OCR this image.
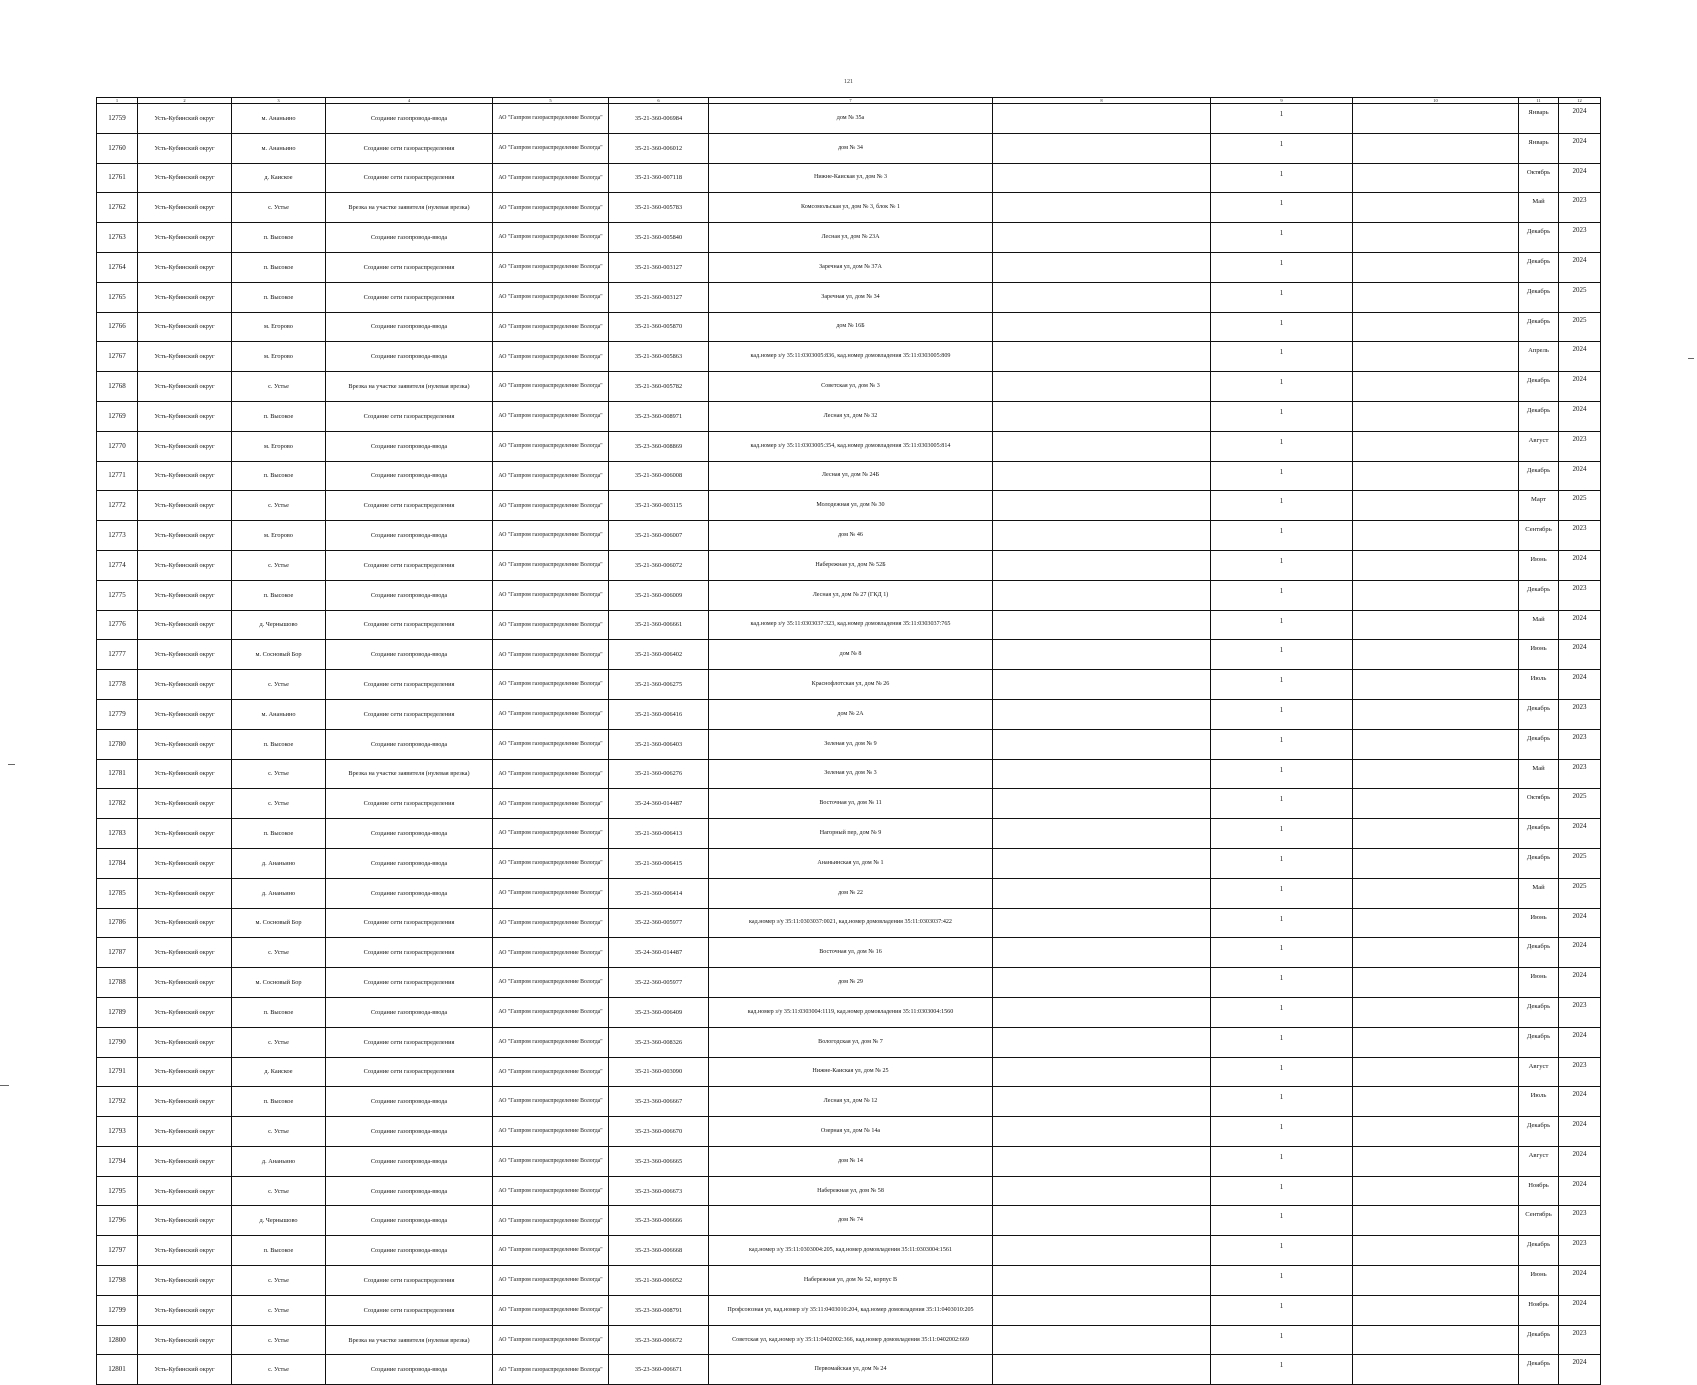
121
1	2	3	4	5	6	7	8	9	10	11	12
12759	Усть-Кубинский округ	м. Ананьино	Создание газопровода-ввода	АО "Газпром газораспределение Вологда"	35-21-360-006984	дом № 35а		1		Январь	2024
12760	Усть-Кубинский округ	м. Ананьино	Создание сети газораспределения	АО "Газпром газораспределение Вологда"	35-21-360-006012	дом № 34		1		Январь	2024
12761	Усть-Кубинский округ	д. Каиское	Создание сети газораспределения	АО "Газпром газораспределение Вологда"	35-21-360-007118	Нижне-Каиская ул, дом № 3		1		Октябрь	2024
12762	Усть-Кубинский округ	с. Устье	Врезка на участке заявителя (нулевая врезка)	АО "Газпром газораспределение Вологда"	35-21-360-005783	Комсомольская ул, дом № 3, блок № 1		1		Май	2023
12763	Усть-Кубинский округ	п. Высокое	Создание газопровода-ввода	АО "Газпром газораспределение Вологда"	35-21-360-005840	Лесная ул, дом № 23А		1		Декабрь	2023
12764	Усть-Кубинский округ	п. Высокое	Создание сети газораспределения	АО "Газпром газораспределение Вологда"	35-21-360-003127	Заречная ул, дом № 37А		1		Декабрь	2024
12765	Усть-Кубинский округ	п. Высокое	Создание сети газораспределения	АО "Газпром газораспределение Вологда"	35-21-360-003127	Заречная ул, дом № 34		1		Декабрь	2025
12766	Усть-Кубинский округ	м. Егорово	Создание газопровода-ввода	АО "Газпром газораспределение Вологда"	35-21-360-005870	дом № 16Б		1		Декабрь	2025
12767	Усть-Кубинский округ	м. Егорово	Создание газопровода-ввода	АО "Газпром газораспределение Вологда"	35-21-360-005863	кад.номер з/у 35:11:0303005:836, кад.номер домовладения 35:11:0303005:809		1		Апрель	2024
12768	Усть-Кубинский округ	с. Устье	Врезка на участке заявителя (нулевая врезка)	АО "Газпром газораспределение Вологда"	35-21-360-005782	Советская ул, дом № 3		1		Декабрь	2024
12769	Усть-Кубинский округ	п. Высокое	Создание сети газораспределения	АО "Газпром газораспределение Вологда"	35-23-360-008971	Лесная ул, дом № 32		1		Декабрь	2024
12770	Усть-Кубинский округ	м. Егорово	Создание газопровода-ввода	АО "Газпром газораспределение Вологда"	35-23-360-008869	кад.номер з/у 35:11:0303005:354, кад.номер домовладения 35:11:0303005:814		1		Август	2023
12771	Усть-Кубинский округ	п. Высокое	Создание газопровода-ввода	АО "Газпром газораспределение Вологда"	35-21-360-006008	Лесная ул, дом № 24Б		1		Декабрь	2024
12772	Усть-Кубинский округ	с. Устье	Создание сети газораспределения	АО "Газпром газораспределение Вологда"	35-21-360-003115	Молодежная ул, дом № 30		1		Март	2025
12773	Усть-Кубинский округ	м. Егорово	Создание газопровода-ввода	АО "Газпром газораспределение Вологда"	35-21-360-006007	дом № 46		1		Сентябрь	2023
12774	Усть-Кубинский округ	с. Устье	Создание сети газораспределения	АО "Газпром газораспределение Вологда"	35-21-360-006072	Набережная ул, дом № 52Б		1		Июнь	2024
12775	Усть-Кубинский округ	п. Высокое	Создание газопровода-ввода	АО "Газпром газораспределение Вологда"	35-21-360-006009	Лесная ул, дом № 27 (ГКД 1)		1		Декабрь	2023
12776	Усть-Кубинский округ	д. Чернышово	Создание сети газораспределения	АО "Газпром газораспределение Вологда"	35-21-360-006661	кад.номер з/у 35:11:0303037:323, кад.номер домовладения 35:11:0303037:765		1		Май	2024
12777	Усть-Кубинский округ	м. Сосновый Бор	Создание газопровода-ввода	АО "Газпром газораспределение Вологда"	35-21-360-006402	дом № 8		1		Июнь	2024
12778	Усть-Кубинский округ	с. Устье	Создание сети газораспределения	АО "Газпром газораспределение Вологда"	35-21-360-006275	Краснофлотская ул, дом № 26		1		Июль	2024
12779	Усть-Кубинский округ	м. Ананьино	Создание сети газораспределения	АО "Газпром газораспределение Вологда"	35-21-360-006416	дом № 2А		1		Декабрь	2023
12780	Усть-Кубинский округ	п. Высокое	Создание газопровода-ввода	АО "Газпром газораспределение Вологда"	35-21-360-006403	Зеленая ул, дом № 9		1		Декабрь	2023
12781	Усть-Кубинский округ	с. Устье	Врезка на участке заявителя (нулевая врезка)	АО "Газпром газораспределение Вологда"	35-21-360-006276	Зеленая ул, дом № 3		1		Май	2023
12782	Усть-Кубинский округ	с. Устье	Создание сети газораспределения	АО "Газпром газораспределение Вологда"	35-24-360-014487	Восточная ул, дом № 11		1		Октябрь	2025
12783	Усть-Кубинский округ	п. Высокое	Создание газопровода-ввода	АО "Газпром газораспределение Вологда"	35-21-360-006413	Нагорный пер, дом № 9		1		Декабрь	2024
12784	Усть-Кубинский округ	д. Ананьино	Создание газопровода-ввода	АО "Газпром газораспределение Вологда"	35-21-360-006415	Ананьинская ул, дом № 1		1		Декабрь	2025
12785	Усть-Кубинский округ	д. Ананьино	Создание газопровода-ввода	АО "Газпром газораспределение Вологда"	35-21-360-006414	дом № 22		1		Май	2025
12786	Усть-Кубинский округ	м. Сосновый Бор	Создание сети газораспределения	АО "Газпром газораспределение Вологда"	35-22-360-005977	кад.номер з/у 35:11:0303037:0021, кад.номер домовладения 35:11:0303037:422		1		Июнь	2024
12787	Усть-Кубинский округ	с. Устье	Создание сети газораспределения	АО "Газпром газораспределение Вологда"	35-24-360-014487	Восточная ул, дом № 16		1		Декабрь	2024
12788	Усть-Кубинский округ	м. Сосновый Бор	Создание сети газораспределения	АО "Газпром газораспределение Вологда"	35-22-360-005977	дом № 29		1		Июнь	2024
12789	Усть-Кубинский округ	п. Высокое	Создание газопровода-ввода	АО "Газпром газораспределение Вологда"	35-23-360-006409	кад.номер з/у 35:11:0303004:1119, кад.номер домовладения 35:11:0303004:1560		1		Декабрь	2023
12790	Усть-Кубинский округ	с. Устье	Создание сети газораспределения	АО "Газпром газораспределение Вологда"	35-23-360-008326	Вологодская ул, дом № 7		1		Декабрь	2024
12791	Усть-Кубинский округ	д. Каиское	Создание сети газораспределения	АО "Газпром газораспределение Вологда"	35-21-360-003090	Нижне-Каиская ул, дом № 25		1		Август	2023
12792	Усть-Кубинский округ	п. Высокое	Создание газопровода-ввода	АО "Газпром газораспределение Вологда"	35-23-360-006667	Лесная ул, дом № 12		1		Июль	2024
12793	Усть-Кубинский округ	с. Устье	Создание газопровода-ввода	АО "Газпром газораспределение Вологда"	35-23-360-006670	Озерная ул, дом № 14а		1		Декабрь	2024
12794	Усть-Кубинский округ	д. Ананьино	Создание газопровода-ввода	АО "Газпром газораспределение Вологда"	35-23-360-006665	дом № 14		1		Август	2024
12795	Усть-Кубинский округ	с. Устье	Создание газопровода-ввода	АО "Газпром газораспределение Вологда"	35-23-360-006673	Набережная ул, дом № 58		1		Ноябрь	2024
12796	Усть-Кубинский округ	д. Чернышово	Создание газопровода-ввода	АО "Газпром газораспределение Вологда"	35-23-360-006666	дом № 74		1		Сентябрь	2023
12797	Усть-Кубинский округ	п. Высокое	Создание газопровода-ввода	АО "Газпром газораспределение Вологда"	35-23-360-006668	кад.номер з/у 35:11:0303004:205, кад.номер домовладения 35:11:0303004:1561		1		Декабрь	2023
12798	Усть-Кубинский округ	с. Устье	Создание сети газораспределения	АО "Газпром газораспределение Вологда"	35-21-360-006052	Набережная ул, дом № 52, корпус В		1		Июнь	2024
12799	Усть-Кубинский округ	с. Устье	Создание сети газораспределения	АО "Газпром газораспределение Вологда"	35-23-360-008791	Профсоюзная ул, кад.номер з/у 35:11:0403010:204, кад.номер домовладения 35:11:0403010:205		1		Ноябрь	2024
12800	Усть-Кубинский округ	с. Устье	Врезка на участке заявителя (нулевая врезка)	АО "Газпром газораспределение Вологда"	35-23-360-006672	Советская ул, кад.номер з/у 35:11:0402002:366, кад.номер домовладения 35:11:0402002:669		1		Декабрь	2023
12801	Усть-Кубинский округ	с. Устье	Создание газопровода-ввода	АО "Газпром газораспределение Вологда"	35-23-360-006671	Первомайская ул, дом № 24		1		Декабрь	2024
